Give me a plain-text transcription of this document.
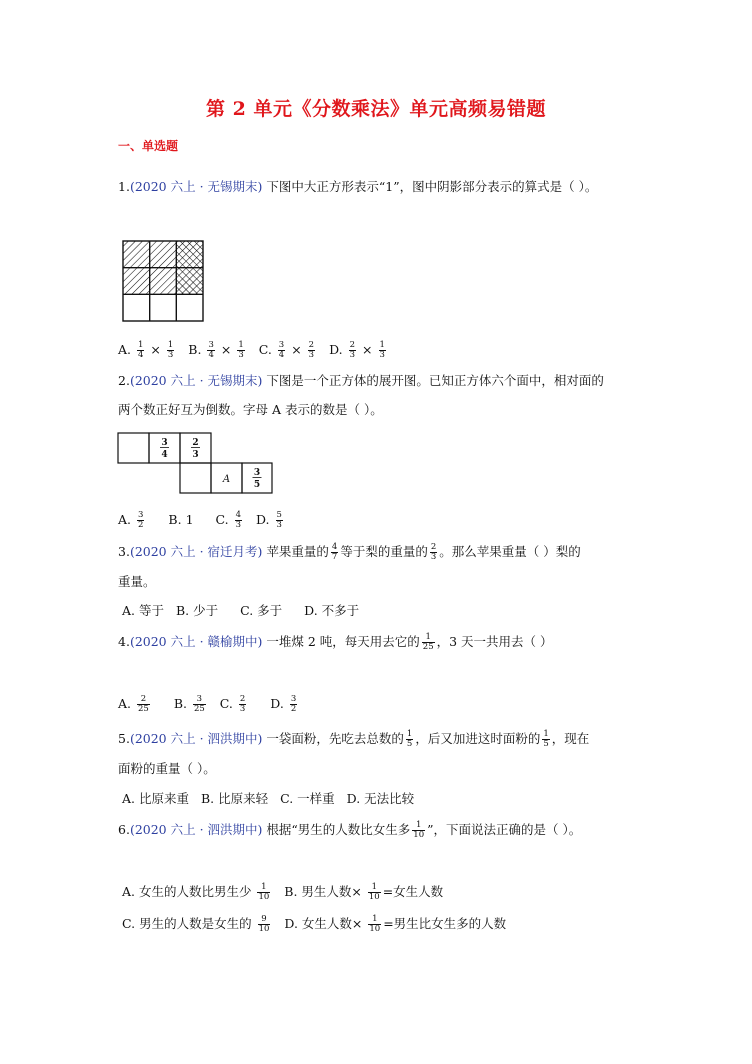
第 2 单元《分数乘法》单元高频易错题
一、单选题
1.(2020 六上 · 无锡期末) 下图中大正方形表示“1”，图中阴影部分表示的算式是（ ）。
A. $\frac{1}{4} \times \frac{1}{3} B$. $\frac{3}{4} \times \frac{1}{3} C$. $\frac{3}{4} \times \frac{2}{3} D$. $\frac{2}{3} \times \frac{1}{3}$
2.(2020 六上 · 无锡期末) 下图是一个正方体的展开图。已知正方体六个面中，相对面的
两个数正好互为倒数。字母 A 表示的数是（ ）。
3
4
2
3
3
5
A
A. $\frac{3}{2} B$. 1 C. $\frac{4}{3} D$. $\frac{5}{3}$
3.(2020 六上 · 宿迁月考) 苹果重量的 $\frac{4}{7}$ 等于梨的重量的 $\frac{2}{3}$ 。那么苹果重量（ ）梨的
重量。
A. 等于 B. 少于 C. 多于 D. 不多于
4.(2020 六上 · 赣榆期中) 一堆煤 2 吨，每天用去它的 $\frac{1}{25}$ ，3 天一共用去（ ）
A. $\frac{2}{25} B$. $\frac{3}{25} C$. $\frac{2}{3} D$. $\frac{3}{2}$
5.(2020 六上 · 泗洪期中) 一袋面粉，先吃去总数的 $\frac{1}{5}$ ，后又加进这时面粉的 $\frac{1}{5}$ ，现在
面粉的重量（ ）。
A. 比原来重 B. 比原来轻 C. 一样重 D. 无法比较
6.(2020 六上 · 泗洪期中) 根据“男生的人数比女生多 $\frac{1}{10}$ ”，下面说法正确的是（ ）。
A. 女生的人数比男生少 $\frac{1}{10} B$. 男生人数× $\frac{1}{10}$ =女生人数
C. 男生的人数是女生的 $\frac{9}{10} D$. 女生人数× $\frac{1}{10}$ =男生比女生多的人数
